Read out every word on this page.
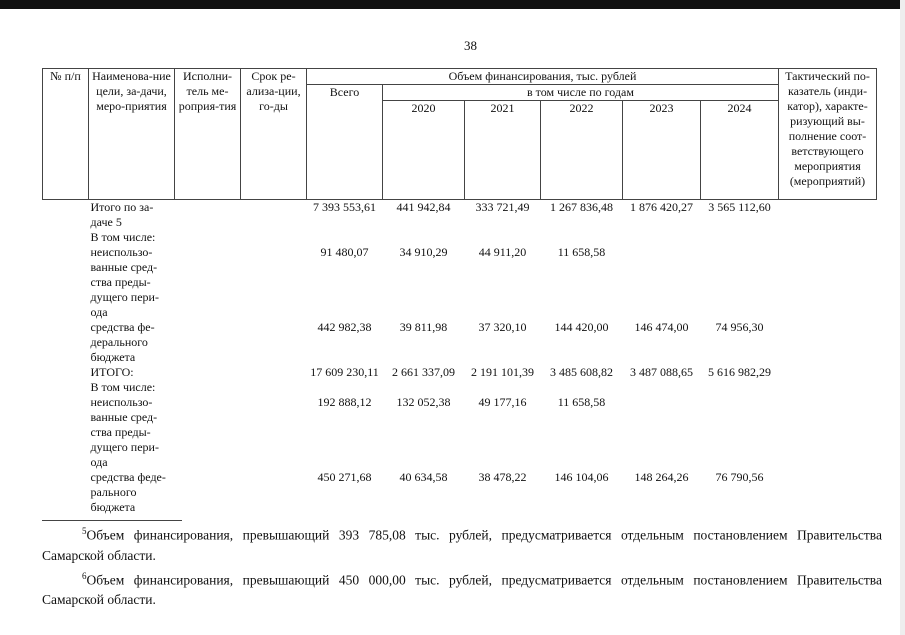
38
№ п/п	Наименова-ние цели, за-дачи, меро-приятия	Исполни-тель ме-роприя-тия	Срок ре-ализа-ции, го-ды	Объем финансирования, тыс. рублей						Тактический по-казатель (инди-катор), характе-ризующий вы-полнение соот-ветствующего мероприятия (мероприятий)
				Всего	в том числе по годам					
					2020	2021	2022	2023	2024	
	Итого по за-даче 5			7 393 553,61	441 942,84	333 721,49	1 267 836,48	1 876 420,27	3 565 112,60	
	В том числе:									
	неиспользо-ванные сред-ства преды-дущего пери-ода			91 480,07	34 910,29	44 911,20	11 658,58			
	средства фе-дерального бюджета			442 982,38	39 811,98	37 320,10	144 420,00	146 474,00	74 956,30	
	ИТОГО:			17 609 230,11	2 661 337,09	2 191 101,39	3 485 608,82	3 487 088,65	5 616 982,29	
	В том числе:									
	неиспользо-ванные сред-ства преды-дущего пери-ода			192 888,12	132 052,38	49 177,16	11 658,58			
	средства феде-рального бюджета			450 271,68	40 634,58	38 478,22	146 104,06	148 264,26	76 790,56	

$^5$Объем финансирования, превышающий 393 785,08 тыс. рублей, предусматривается отдельным постановлением Правительства Самарской области.

$^6$Объем финансирования, превышающий 450 000,00 тыс. рублей, предусматривается отдельным постановлением Правительства Самарской области.
